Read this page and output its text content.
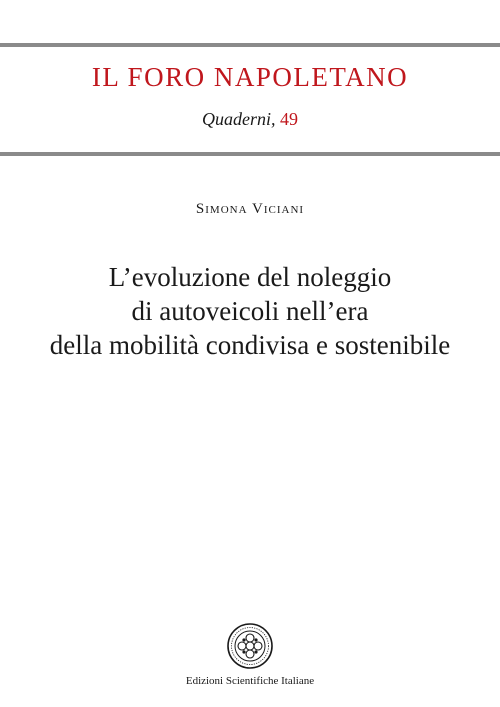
IL FORO NAPOLETANO
Quaderni, 49
Simona Viciani
L’evoluzione del noleggio
di autoveicoli nell’era
della mobilità condivisa e sostenibile
Edizioni Scientifiche Italiane
